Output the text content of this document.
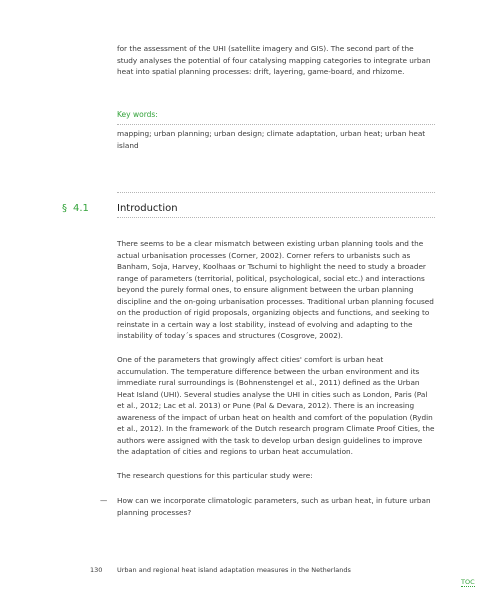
for the assessment of the UHI (satellite imagery and GIS). The second part of the study analyses the potential of four catalysing mapping categories to integrate urban heat into spatial planning processes: drift, layering, game-board, and rhizome.
Key words:
mapping; urban planning; urban design; climate adaptation, urban heat; urban heat island
§ 4.1	Introduction
There seems to be a clear mismatch between existing urban planning tools and the actual urbanisation processes (Corner, 2002). Corner refers to urbanists such as Banham, Soja, Harvey, Koolhaas or Tschumi to highlight the need to study a broader range of parameters (territorial, political, psychological, social etc.) and interactions beyond the purely formal ones, to ensure alignment between the urban planning discipline and the on-going urbanisation processes. Traditional urban planning focused on the production of rigid proposals, organizing objects and functions, and seeking to reinstate in a certain way a lost stability, instead of evolving and adapting to the instability of today´s spaces and structures (Cosgrove, 2002).
One of the parameters that growingly affect cities' comfort is urban heat accumulation. The temperature difference between the urban environment and its immediate rural surroundings is (Bohnenstengel et al., 2011) defined as the Urban Heat Island (UHI). Several studies analyse the UHI in cities such as London, Paris (Pal et al., 2012; Lac et al. 2013) or Pune (Pal & Devara, 2012). There is an increasing awareness of the impact of urban heat on health and comfort of the population (Rydin et al., 2012). In the framework of the Dutch research program Climate Proof Cities, the authors were assigned with the task to develop urban design guidelines to improve the adaptation of cities and regions to urban heat accumulation.
The research questions for this particular study were:
— How can we incorporate climatologic parameters, such as urban heat, in future urban planning processes?
130 Urban and regional heat island adaptation measures in the Netherlands
TOC
